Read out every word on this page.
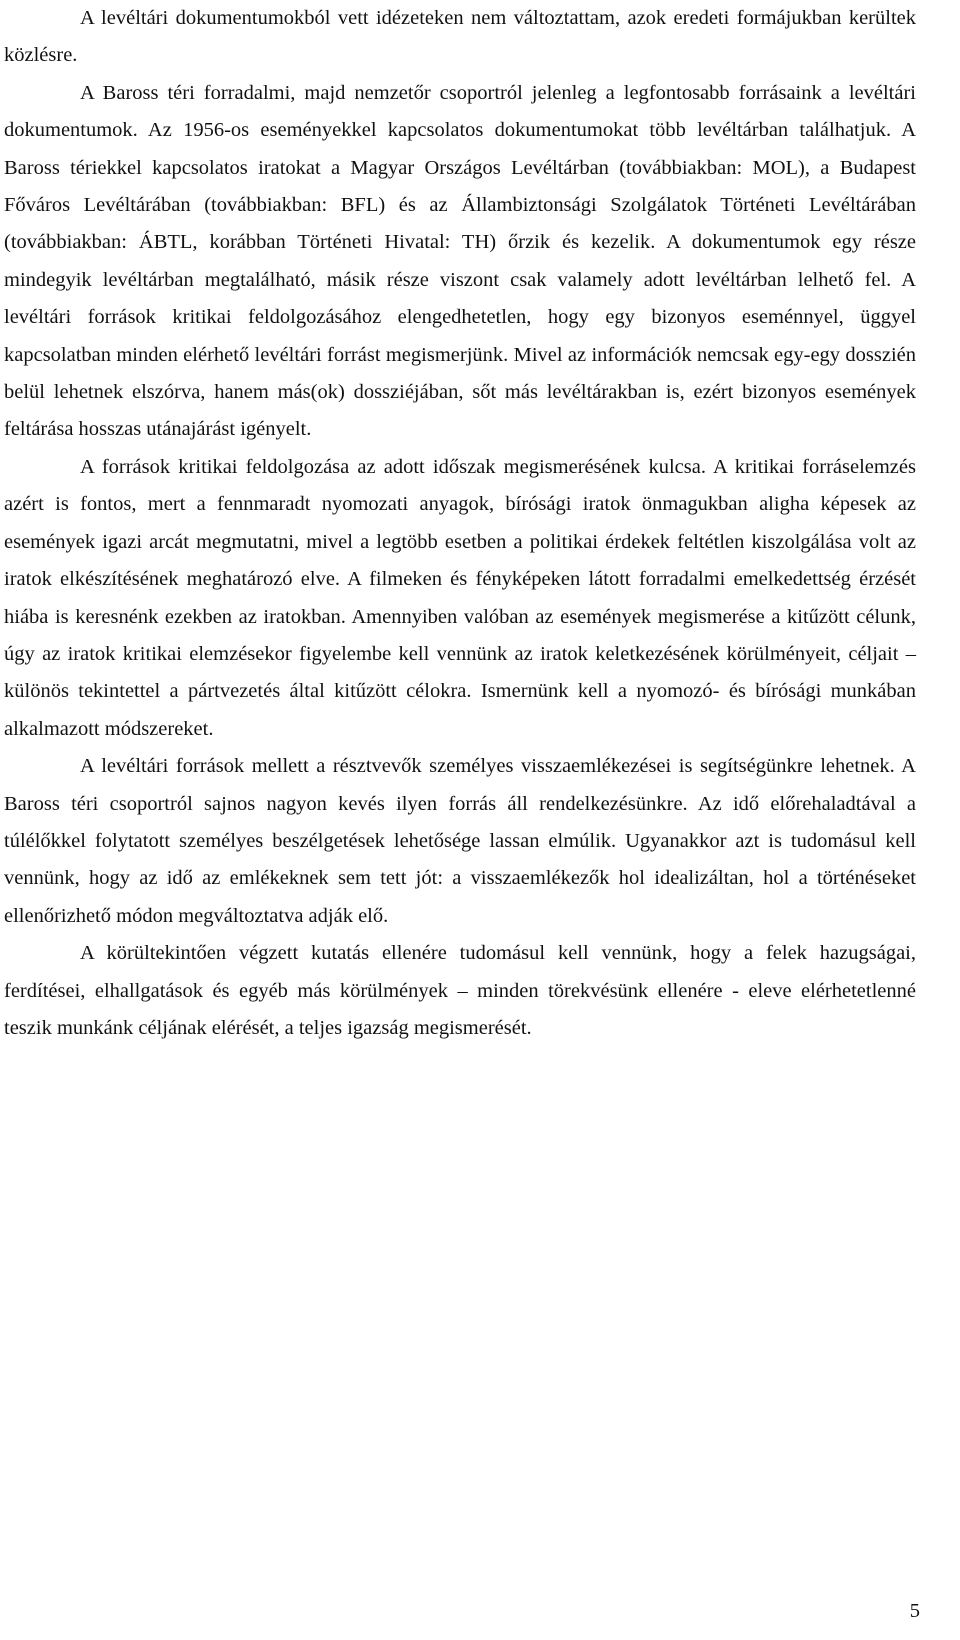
A levéltári dokumentumokból vett idézeteken nem változtattam, azok eredeti formájukban kerültek közlésre.

A Baross téri forradalmi, majd nemzetőr csoportról jelenleg a legfontosabb forrásaink a levéltári dokumentumok. Az 1956-os eseményekkel kapcsolatos dokumentumokat több levéltárban találhatjuk. A Baross tériekkel kapcsolatos iratokat a Magyar Országos Levéltárban (továbbiakban: MOL), a Budapest Főváros Levéltárában (továbbiakban: BFL) és az Állambiztonsági Szolgálatok Történeti Levéltárában (továbbiakban: ÁBTL, korábban Történeti Hivatal: TH) őrzik és kezelik. A dokumentumok egy része mindegyik levéltárban megtalálható, másik része viszont csak valamely adott levéltárban lelhető fel. A levéltári források kritikai feldolgozásához elengedhetetlen, hogy egy bizonyos eseménnyel, üggyel kapcsolatban minden elérhető levéltári forrást megismerjünk. Mivel az információk nemcsak egy-egy dosszién belül lehetnek elszórva, hanem más(ok) dossziéjában, sőt más levéltárakban is, ezért bizonyos események feltárása hosszas utánajárást igényelt.

A források kritikai feldolgozása az adott időszak megismerésének kulcsa. A kritikai forráselemzés azért is fontos, mert a fennmaradt nyomozati anyagok, bírósági iratok önmagukban aligha képesek az események igazi arcát megmutatni, mivel a legtöbb esetben a politikai érdekek feltétlen kiszolgálása volt az iratok elkészítésének meghatározó elve. A filmeken és fényképeken látott forradalmi emelkedettség érzését hiába is keresnénk ezekben az iratokban. Amennyiben valóban az események megismerése a kitűzött célunk, úgy az iratok kritikai elemzésekor figyelembe kell vennünk az iratok keletkezésének körülményeit, céljait – különös tekintettel a pártvezetés által kitűzött célokra. Ismernünk kell a nyomozó- és bírósági munkában alkalmazott módszereket.

A levéltári források mellett a résztvevők személyes visszaemlékezései is segítségünkre lehetnek. A Baross téri csoportról sajnos nagyon kevés ilyen forrás áll rendelkezésünkre. Az idő előrehaladtával a túlélőkkel folytatott személyes beszélgetések lehetősége lassan elmúlik. Ugyanakkor azt is tudomásul kell vennünk, hogy az idő az emlékeknek sem tett jót: a visszaemlékezők hol idealizáltan, hol a történéseket ellenőrizhető módon megváltoztatva adják elő.

A körültekintően végzett kutatás ellenére tudomásul kell vennünk, hogy a felek hazugságai, ferdítései, elhallgatások és egyéb más körülmények – minden törekvésünk ellenére - eleve elérhetetlenné teszik munkánk céljának elérését, a teljes igazság megismerését.

5
